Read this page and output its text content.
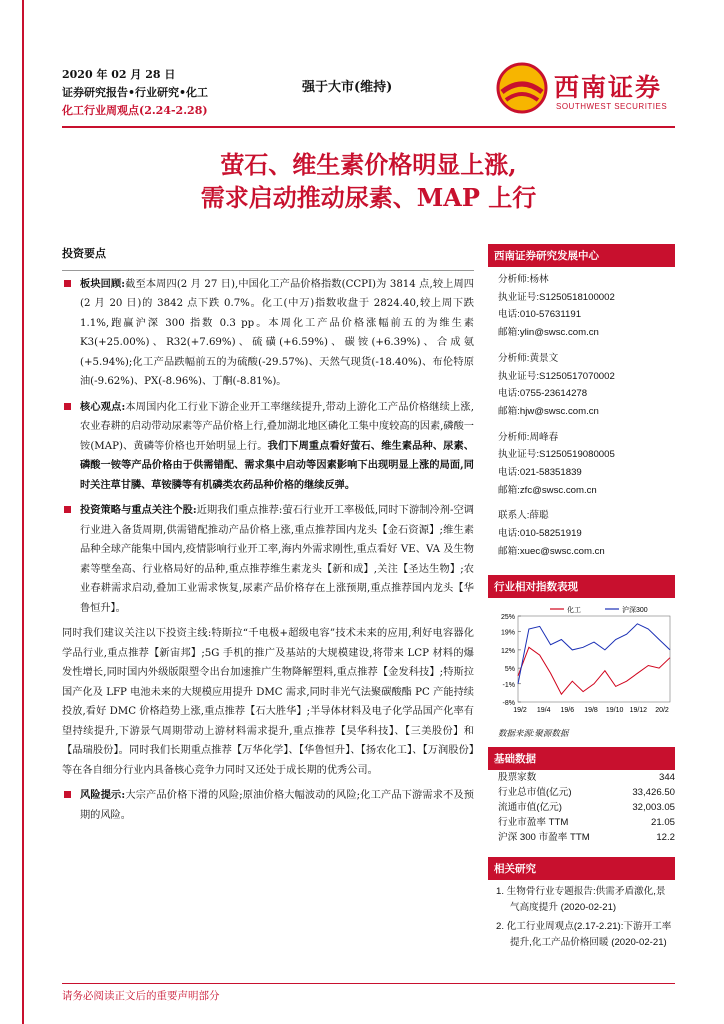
2020 年 02 月 28 日
证券研究报告•行业研究•化工
化工行业周观点(2.24-2.28)
强于大市(维持)	西南证券
SOUTHWEST SECURITIES
萤石、维生素价格明显上涨,
需求启动推动尿素、MAP 上行
投资要点
板块回顾:截至本周四(2 月 27 日),中国化工产品价格指数(CCPI)为 3814 点,较上周四(2 月 20 日)的 3842 点下跌 0.7%。化工(中万)指数收盘于 2824.40,较上周下跌 1.1%,跑赢沪深 300 指数 0.3 pp。本周化工产品价格涨幅前五的为维生素 K3(+25.00%)、R32(+7.69%)、硫磺(+6.59%)、碳铵(+6.39%)、合成氨(+5.94%);化工产品跌幅前五的为硫酸(-29.57%)、天然气现货(-18.40%)、布伦特原油(-9.62%)、PX(-8.96%)、丁酮(-8.81%)。
核心观点:本周国内化工行业下游企业开工率继续提升,带动上游化工产品价格继续上涨,农业春耕的启动带动尿素等产品价格上行,叠加湖北地区磷化工集中度较高的因素,磷酸一铵(MAP)、黄磷等价格也开始明显上行。我们下周重点看好萤石、维生素品种、尿素、磷酸一铵等产品价格由于供需错配、需求集中启动等因素影响下出现明显上涨的局面,同时关注草甘膦、草铵膦等有机磷类农药品种价格的继续反弹。
投资策略与重点关注个股:近期我们重点推荐:萤石行业开工率极低,同时下游制冷剂-空调行业进入备货周期,供需错配推动产品价格上涨,重点推荐国内龙头【金石资源】;维生素品种全球产能集中国内,疫情影响行业开工率,海内外需求刚性,重点看好 VE、VA 及生物素等壁垒高、行业格局好的品种,重点推荐维生素龙头【新和成】,关注【圣达生物】;农业春耕需求启动,叠加工业需求恢复,尿素产品价格存在上涨预期,重点推荐国内龙头【华鲁恒升】。
同时我们建议关注以下投资主线:特斯拉“千电极+超级电容”技术未来的应用,利好电容器化学品行业,重点推荐【新宙邦】;5G 手机的推广及基站的大规模建设,将带来 LCP 材料的爆发性增长,同时国内外级版限塑令出台加速推广生物降解塑料,重点推荐【金发科技】;特斯拉国产化及 LFP 电池未来的大规模应用提升 DMC 需求,同时非光气法聚碳酸酯 PC 产能持续投放,看好 DMC 价格趋势上涨,重点推荐【石大胜华】;半导体材料及电子化学品国产化率有望持续提升,下游景气周期带动上游材料需求提升,重点推荐【昊华科技】、【三美股份】和【晶瑞股份】。同时我们长期重点推荐【万华化学】、【华鲁恒升】、【扬农化工】、【万润股份】等在各自细分行业内具备核心竞争力同时又还处于成长期的优秀公司。
风险提示:大宗产品价格下滑的风险;原油价格大幅波动的风险;化工产品下游需求不及预期的风险。
西南证券研究发展中心
分析师:杨林
执业证号:S1250518100002
电话:010-57631191
邮箱:ylin@swsc.com.cn
分析师:黄景文
执业证号:S1250517070002
电话:0755-23614278
邮箱:hjw@swsc.com.cn
分析师:周峰春
执业证号:S1250519080005
电话:021-58351839
邮箱:zfc@swsc.com.cn
联系人:薛聪
电话:010-58251919
邮箱:xuec@swsc.com.cn
行业相对指数表现
25%
19%
12%
5%
-1%
-8%
19/2 19/4 19/6 19/8 19/10 19/12 20/2
化工	沪深300
数据来源:聚源数据
基础数据
股票家数	344
行业总市值(亿元)	33,426.50
流通市值(亿元)	32,003.05
行业市盈率 TTM	21.05
沪深 300 市盈率 TTM	12.2
相关研究
1. 生物骨行业专题报告:供需矛盾激化,景气高度提升 (2020-02-21)
2. 化工行业周观点(2.17-2.21):下游开工率提升,化工产品价格回暖 (2020-02-21)
请务必阅读正文后的重要声明部分
